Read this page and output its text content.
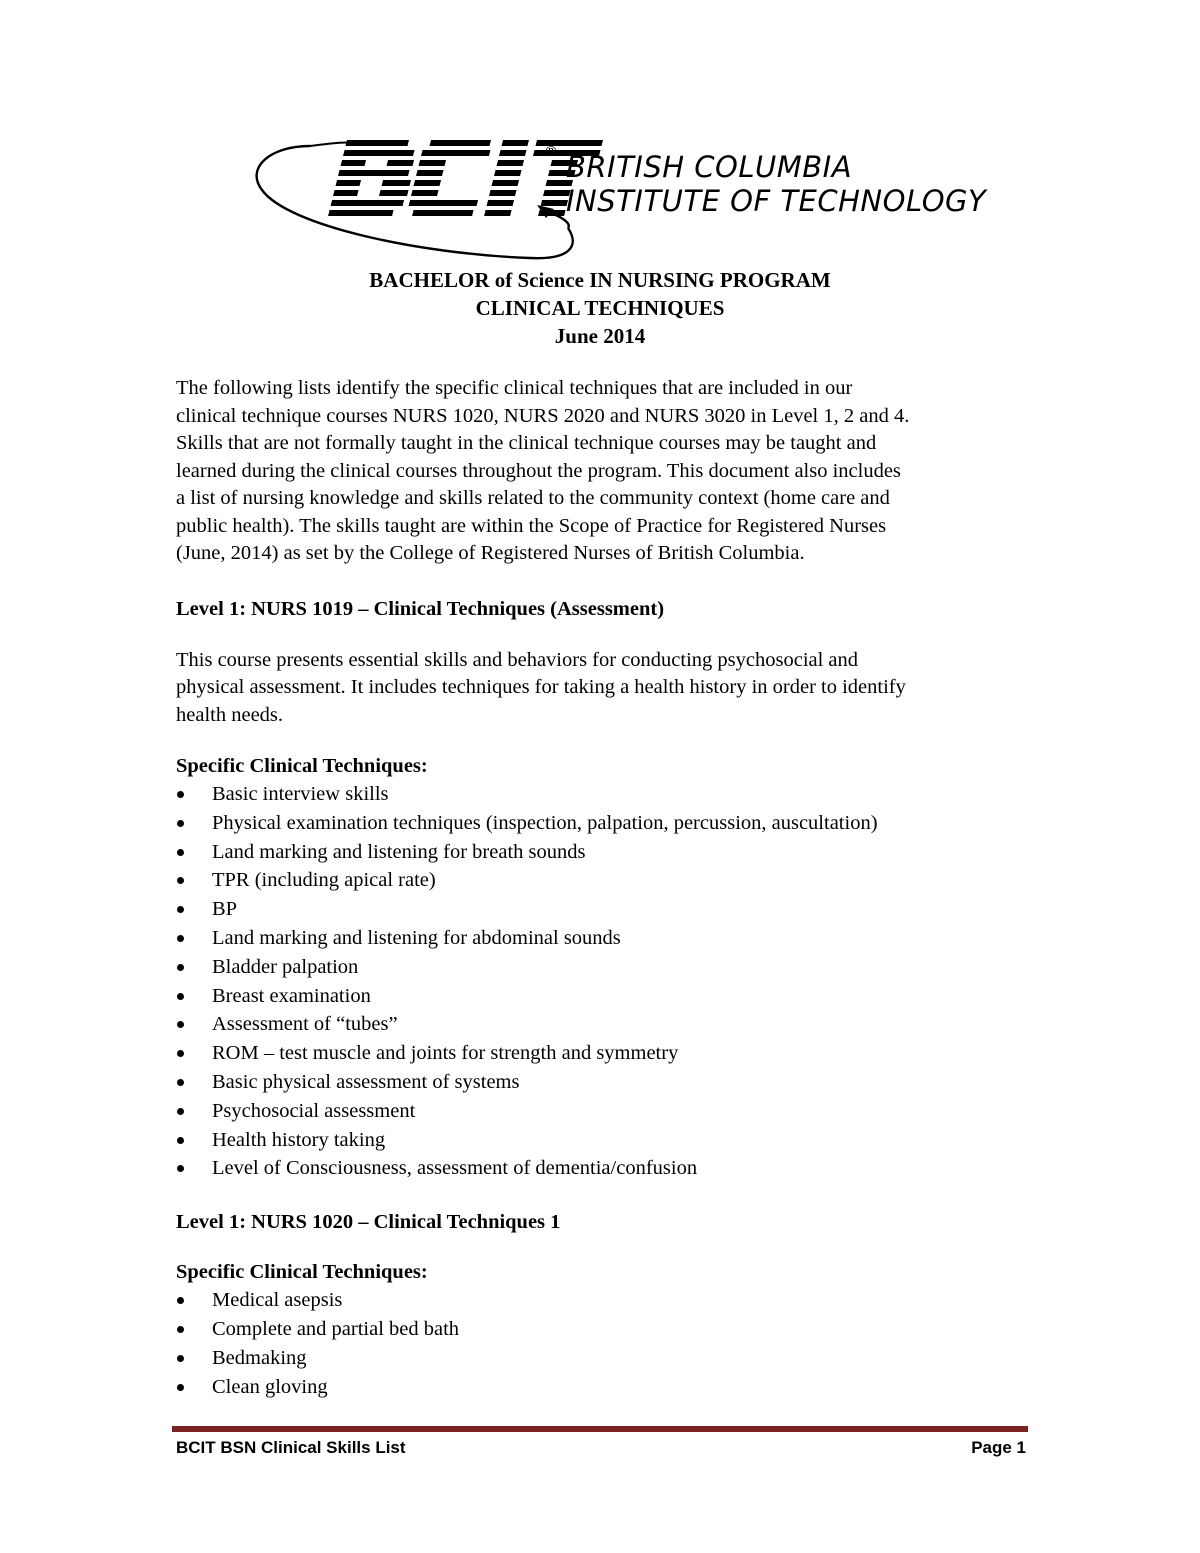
® BRITISH COLUMBIA
INSTITUTE OF TECHNOLOGY
BACHELOR of Science IN NURSING PROGRAM
CLINICAL TECHNIQUES
June 2014

The following lists identify the specific clinical techniques that are included in our

clinical technique courses NURS 1020, NURS 2020 and NURS 3020 in Level 1, 2 and 4.

Skills that are not formally taught in the clinical technique courses may be taught and

learned during the clinical courses throughout the program. This document also includes

a list of nursing knowledge and skills related to the community context (home care and

public health). The skills taught are within the Scope of Practice for Registered Nurses

(June, 2014) as set by the College of Registered Nurses of British Columbia.

Level 1: NURS 1019 – Clinical Techniques (Assessment)
This course presents essential skills and behaviors for conducting psychosocial and
physical assessment. It includes techniques for taking a health history in order to identify
health needs.
Specific Clinical Techniques:
Basic interview skills
Physical examination techniques (inspection, palpation, percussion, auscultation)
Land marking and listening for breath sounds
TPR (including apical rate)
BP
Land marking and listening for abdominal sounds
Bladder palpation
Breast examination
Assessment of “tubes”
ROM – test muscle and joints for strength and symmetry
Basic physical assessment of systems
Psychosocial assessment
Health history taking
Level of Consciousness, assessment of dementia/confusion
Level 1: NURS 1020 – Clinical Techniques 1
Specific Clinical Techniques:
Medical asepsis
Complete and partial bed bath
Bedmaking
Clean gloving
BCIT BSN Clinical Skills List	Page 1
